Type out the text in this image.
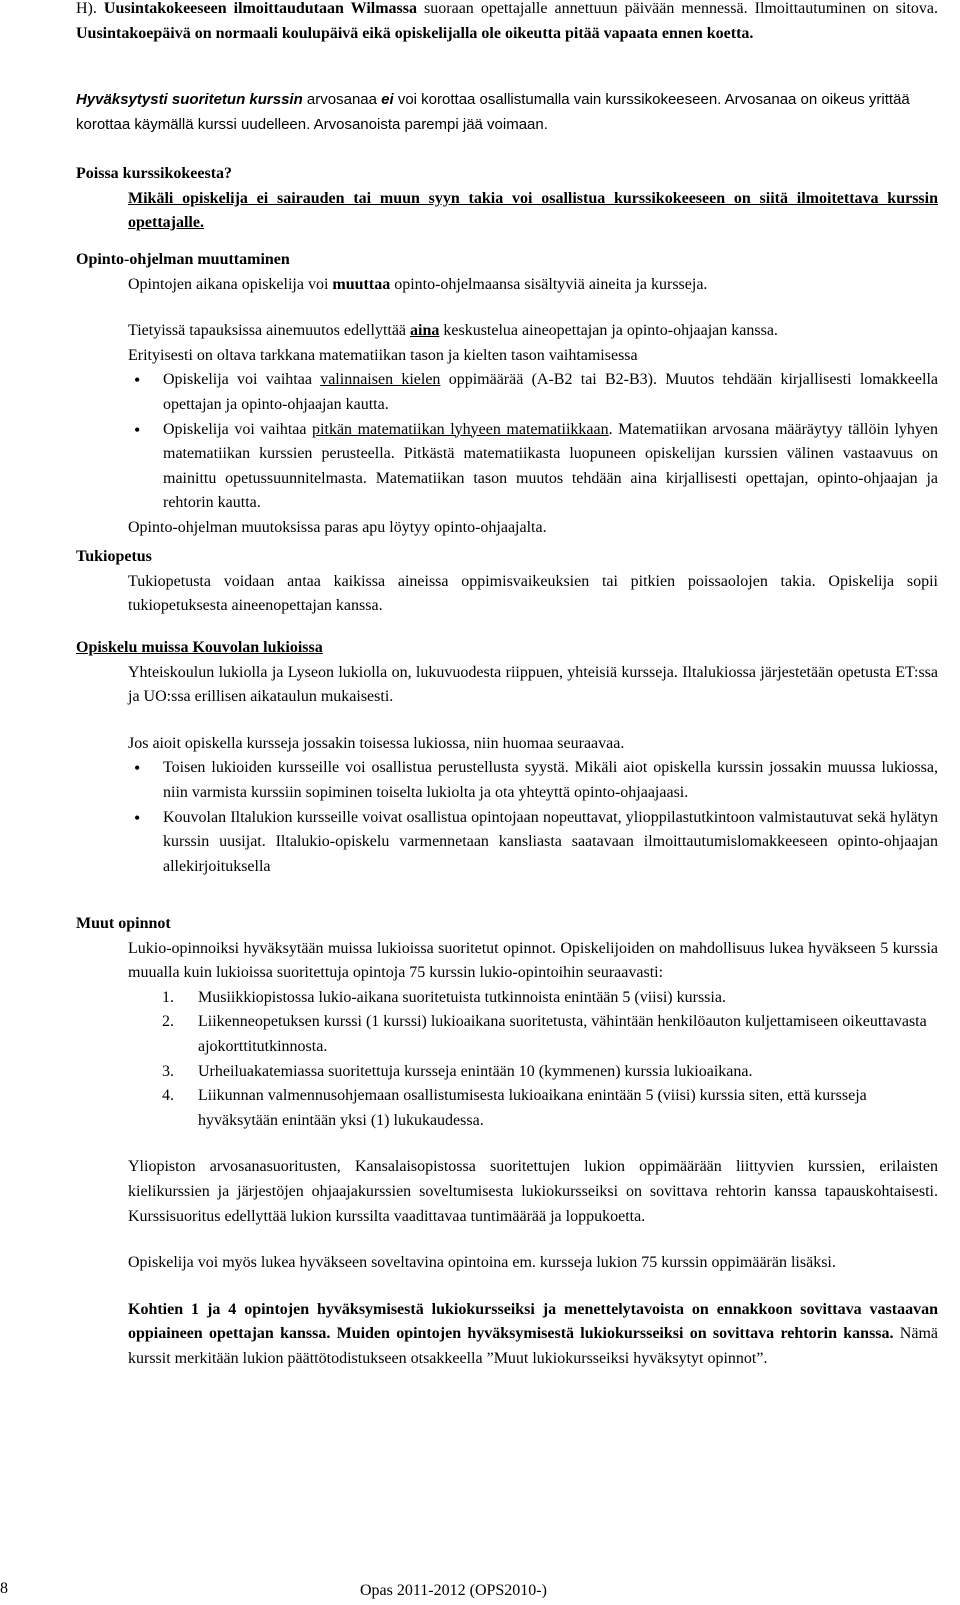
H). Uusintakokeeseen ilmoittaudutaan Wilmassa suoraan opettajalle annettuun päivään mennessä. Ilmoittautuminen on sitova. Uusintakoepäivä on normaali koulupäivä eikä opiskelijalla ole oikeutta pitää vapaata ennen koetta.

Hyväksytysti suoritetun kurssin arvosanaa ei voi korottaa osallistumalla vain kurssikokeeseen. Arvosanaa on oikeus yrittää korottaa käymällä kurssi uudelleen. Arvosanoista parempi jää voimaan.

Poissa kurssikokeesta?

Mikäli opiskelija ei sairauden tai muun syyn takia voi osallistua kurssikokeeseen on siitä ilmoitettava kurssin opettajalle.

Opinto-ohjelman muuttaminen

Opintojen aikana opiskelija voi muuttaa opinto-ohjelmaansa sisältyviä aineita ja kursseja.

Tietyissä tapauksissa ainemuutos edellyttää aina keskustelua aineopettajan ja opinto-ohjaajan kanssa.

Erityisesti on oltava tarkkana matematiikan tason ja kielten tason vaihtamisessa

• Opiskelija voi vaihtaa valinnaisen kielen oppimäärää (A-B2 tai B2-B3). Muutos tehdään kirjallisesti lomakkeella opettajan ja opinto-ohjaajan kautta.
• Opiskelija voi vaihtaa pitkän matematiikan lyhyeen matematiikkaan. Matematiikan arvosana määräytyy tällöin lyhyen matematiikan kurssien perusteella. Pitkästä matematiikasta luopuneen opiskelijan kurssien välinen vastaavuus on mainittu opetussuunnitelmasta. Matematiikan tason muutos tehdään aina kirjallisesti opettajan, opinto-ohjaajan ja rehtorin kautta.

Opinto-ohjelman muutoksissa paras apu löytyy opinto-ohjaajalta.

Tukiopetus

Tukiopetusta voidaan antaa kaikissa aineissa oppimisvaikeuksien tai pitkien poissaolojen takia. Opiskelija sopii tukiopetuksesta aineenopettajan kanssa.

Opiskelu muissa Kouvolan lukioissa

Yhteiskoulun lukiolla ja Lyseon lukiolla on, lukuvuodesta riippuen, yhteisiä kursseja. Iltalukiossa järjestetään opetusta ET:ssa ja UO:ssa erillisen aikataulun mukaisesti.

Jos aioit opiskella kursseja jossakin toisessa lukiossa, niin huomaa seuraavaa.

• Toisen lukioiden kursseille voi osallistua perustellusta syystä. Mikäli aiot opiskella kurssin jossakin muussa lukiossa, niin varmista kurssiin sopiminen toiselta lukiolta ja ota yhteyttä opinto-ohjaajaasi.
• Kouvolan Iltalukion kursseille voivat osallistua opintojaan nopeuttavat, ylioppilastutkintoon valmistautuvat sekä hylätyn kurssin uusijat. Iltalukio-opiskelu varmennetaan kansliasta saatavaan ilmoittautumislomakkeeseen opinto-ohjaajan allekirjoituksella

Muut opinnot

Lukio-opinnoiksi hyväksytään muissa lukioissa suoritetut opinnot. Opiskelijoiden on mahdollisuus lukea hyväkseen 5 kurssia muualla kuin lukioissa suoritettuja opintoja 75 kurssin lukio-opintoihin seuraavasti:

1. Musiikkiopistossa lukio-aikana suoritetuista tutkinnoista enintään 5 (viisi) kurssia.
2. Liikenneopetuksen kurssi (1 kurssi) lukioaikana suoritetusta, vähintään henkilöauton kuljettamiseen oikeuttavasta ajokorttitutkinnosta.
3. Urheiluakatemiassa suoritettuja kursseja enintään 10 (kymmenen) kurssia lukioaikana.
4. Liikunnan valmennusohjemaan osallistumisesta lukioaikana enintään 5 (viisi) kurssia siten, että kursseja hyväksytään enintään yksi (1) lukukaudessa.

Yliopiston arvosanasuoritusten, Kansalaisopistossa suoritettujen lukion oppimäärään liittyvien kurssien, erilaisten kielikurssien ja järjestöjen ohjaajakurssien soveltumisesta lukiokursseiksi on sovittava rehtorin kanssa tapauskohtaisesti. Kurssisuoritus edellyttää lukion kurssilta vaadittavaa tuntimäärää ja loppukoetta.

Opiskelija voi myös lukea hyväkseen soveltavina opintoina em. kursseja lukion 75 kurssin oppimäärän lisäksi.

Kohtien 1 ja 4 opintojen hyväksymisestä lukiokursseiksi ja menettelytavoista on ennakkoon sovittava vastaavan oppiaineen opettajan kanssa. Muiden opintojen hyväksymisestä lukiokursseiksi on sovittava rehtorin kanssa. Nämä kurssit merkitään lukion päättötodistukseen otsakkeella ”Muut lukiokursseiksi hyväksytyt opinnot”.

8	Opas 2011-2012 (OPS2010-)
